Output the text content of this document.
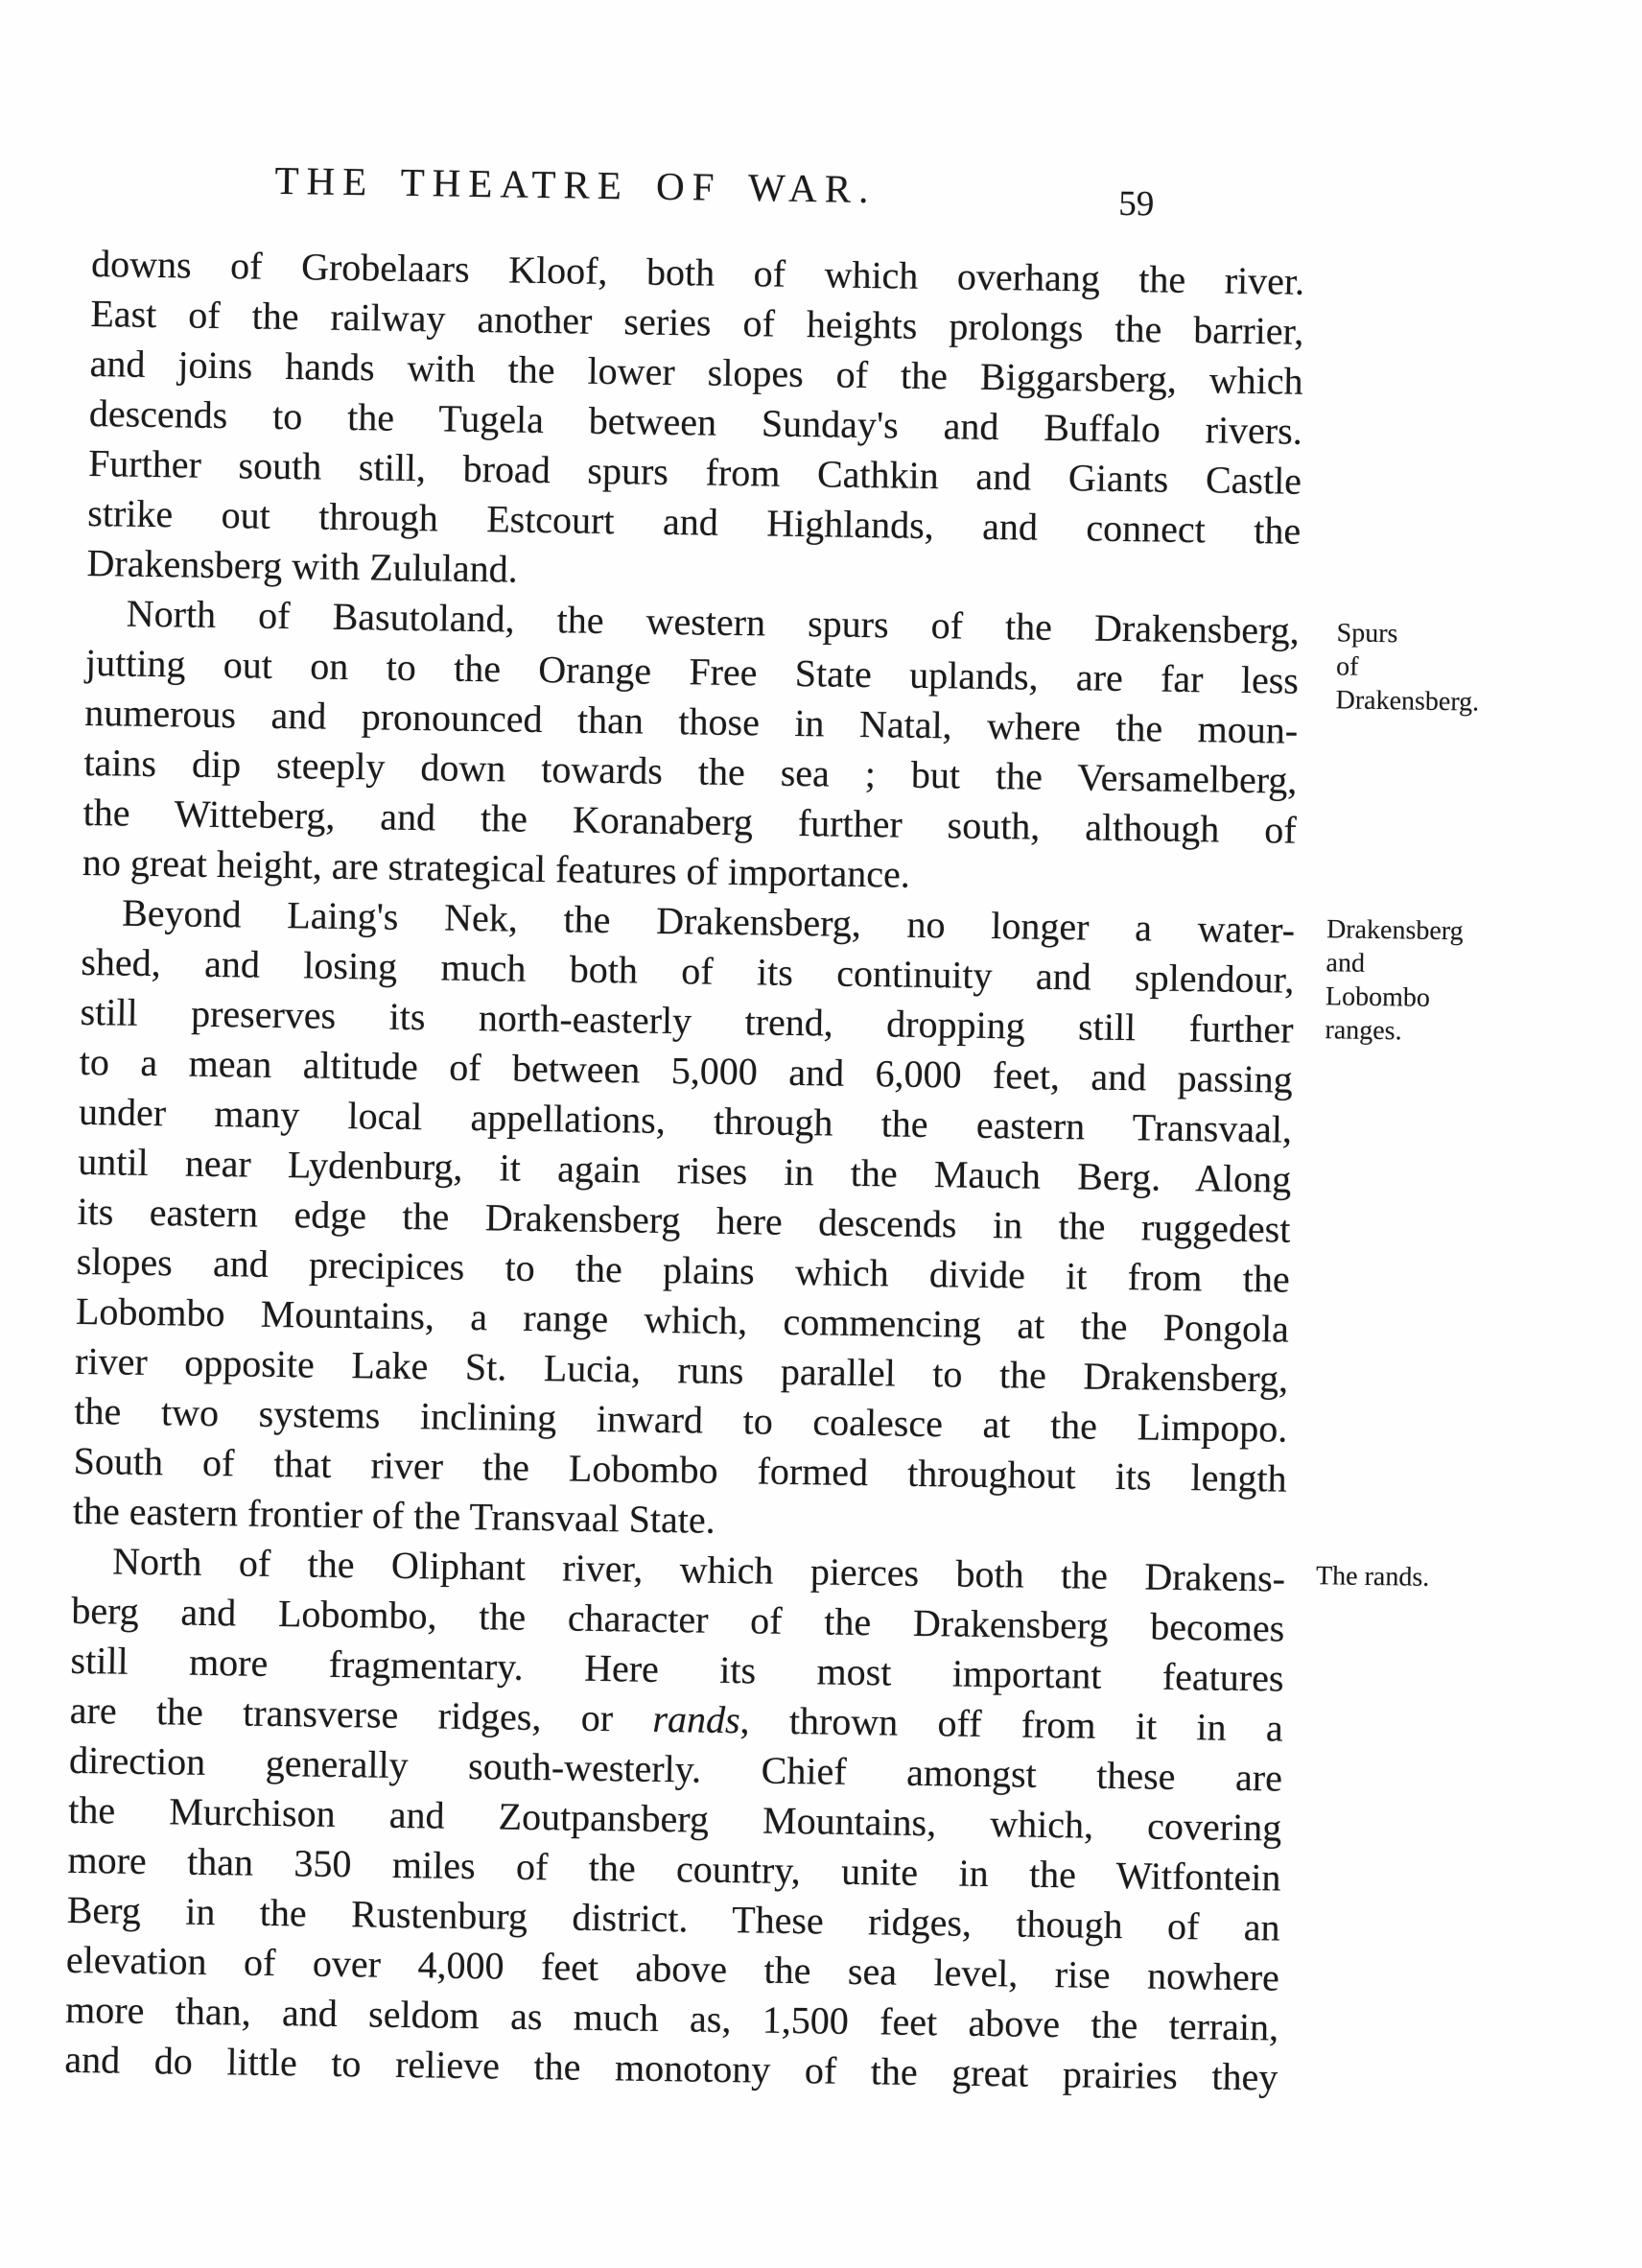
THE THEATRE OF WAR.	59
downs of Grobelaars Kloof, both of which overhang the river.
East of the railway another series of heights prolongs the barrier,
and joins hands with the lower slopes of the Biggarsberg, which
descends to the Tugela between Sunday's and Buffalo rivers.
Further south still, broad spurs from Cathkin and Giants Castle
strike out through Estcourt and Highlands, and connect the
Drakensberg with Zululand.
North of Basutoland, the western spurs of the Drakensberg,
jutting out on to the Orange Free State uplands, are far less
numerous and pronounced than those in Natal, where the moun-
tains dip steeply down towards the sea ; but the Versamelberg,
the Witteberg, and the Koranaberg further south, although of
no great height, are strategical features of importance.
Beyond Laing's Nek, the Drakensberg, no longer a water-
shed, and losing much both of its continuity and splendour,
still preserves its north-easterly trend, dropping still further
to a mean altitude of between 5,000 and 6,000 feet, and passing
under many local appellations, through the eastern Transvaal,
until near Lydenburg, it again rises in the Mauch Berg. Along
its eastern edge the Drakensberg here descends in the ruggedest
slopes and precipices to the plains which divide it from the
Lobombo Mountains, a range which, commencing at the Pongola
river opposite Lake St. Lucia, runs parallel to the Drakensberg,
the two systems inclining inward to coalesce at the Limpopo.
South of that river the Lobombo formed throughout its length
the eastern frontier of the Transvaal State.
North of the Oliphant river, which pierces both the Drakens-
berg and Lobombo, the character of the Drakensberg becomes
still more fragmentary. Here its most important features
are the transverse ridges, or rands, thrown off from it in a
direction generally south-westerly. Chief amongst these are
the Murchison and Zoutpansberg Mountains, which, covering
more than 350 miles of the country, unite in the Witfontein
Berg in the Rustenburg district. These ridges, though of an
elevation of over 4,000 feet above the sea level, rise nowhere
more than, and seldom as much as, 1,500 feet above the terrain,
and do little to relieve the monotony of the great prairies they
Spurs
of
Drakensberg.
Drakensberg
and
Lobombo
ranges.
The rands.
